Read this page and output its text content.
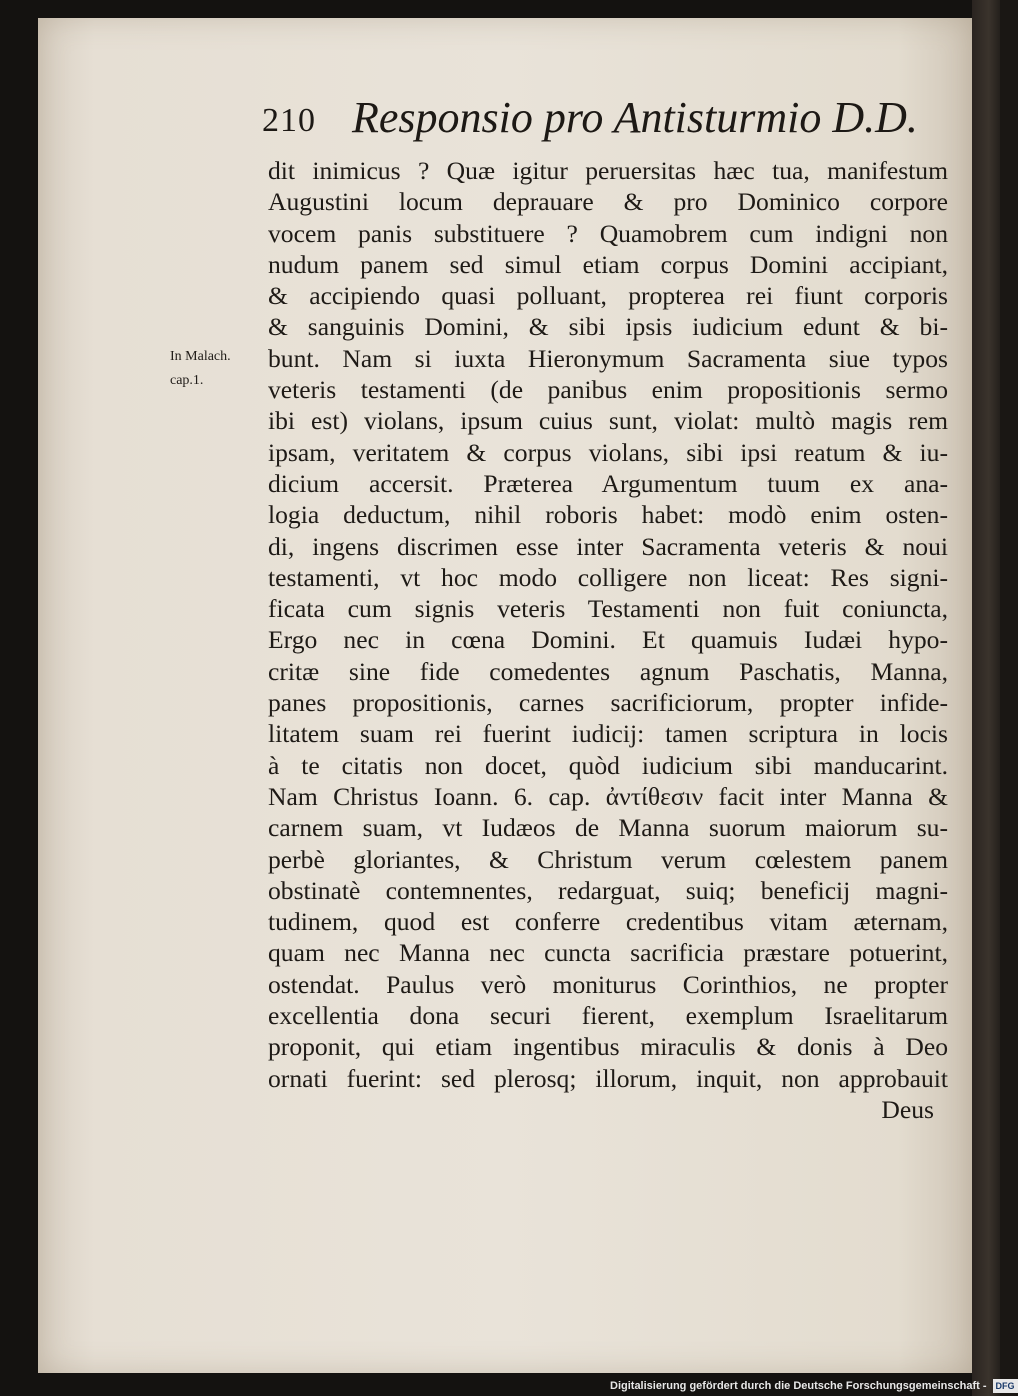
210 Responsio pro Antisturmio D.D.
In Malach.
cap.1.
dit inimicus ? Quæ igitur peruersitas hæc tua, manifestum
Augustini locum deprauare & pro Dominico corpore
vocem panis substituere ? Quamobrem cum indigni non
nudum panem sed simul etiam corpus Domini accipiant,
& accipiendo quasi polluant, propterea rei fiunt corporis
& sanguinis Domini, & sibi ipsis iudicium edunt & bi-
bunt. Nam si iuxta Hieronymum Sacramenta siue typos
veteris testamenti (de panibus enim propositionis sermo
ibi est) violans, ipsum cuius sunt, violat: multò magis rem
ipsam, veritatem & corpus violans, sibi ipsi reatum & iu-
dicium accersit. Præterea Argumentum tuum ex ana-
logia deductum, nihil roboris habet: modò enim osten-
di, ingens discrimen esse inter Sacramenta veteris & noui
testamenti, vt hoc modo colligere non liceat: Res signi-
ficata cum signis veteris Testamenti non fuit coniuncta,
Ergo nec in cœna Domini. Et quamuis Iudæi hypo-
critæ sine fide comedentes agnum Paschatis, Manna,
panes propositionis, carnes sacrificiorum, propter infide-
litatem suam rei fuerint iudicij: tamen scriptura in locis
à te citatis non docet, quòd iudicium sibi manducarint.
Nam Christus Ioann. 6. cap. ἀντίθεσιν facit inter Manna &
carnem suam, vt Iudæos de Manna suorum maiorum su-
perbè gloriantes, & Christum verum cœlestem panem
obstinatè contemnentes, redarguat, suiq; beneficij magni-
tudinem, quod est conferre credentibus vitam æternam,
quam nec Manna nec cuncta sacrificia præstare potuerint,
ostendat. Paulus verò moniturus Corinthios, ne propter
excellentia dona securi fierent, exemplum Israelitarum
proponit, qui etiam ingentibus miraculis & donis à Deo
ornati fuerint: sed plerosq; illorum, inquit, non approbauit
Deus
Digitalisierung gefördert durch die Deutsche Forschungsgemeinschaft -	DFG
